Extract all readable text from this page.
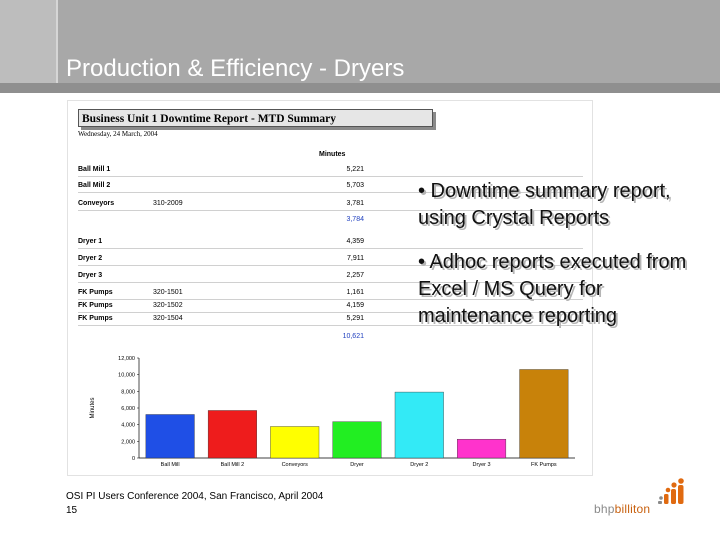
Production & Efficiency - Dryers
Business Unit 1 Downtime Report - MTD Summary
Wednesday, 24 March, 2004
Minutes
Ball Mill 1	5,221
Ball Mill 2	5,703
Conveyors	310-2009	3,781
3,784
Dryer 1	4,359
Dryer 2	7,911
Dryer 3	2,257
FK Pumps	320-1501	1,161
FK Pumps	320-1502	4,159
FK Pumps	320-1504	5,291
10,621
Minutes
0
2,000
4,000
6,000
8,000
10,000
12,000
Ball Mill	Ball Mill 2	Conveyors	Dryer	Dryer 2	Dryer 3	FK Pumps

• Downtime summary report, using Crystal Reports

• Adhoc reports executed from Excel / MS Query for maintenance reporting

OSI PI Users Conference 2004, San Francisco, April 2004
15	bhpbilliton
